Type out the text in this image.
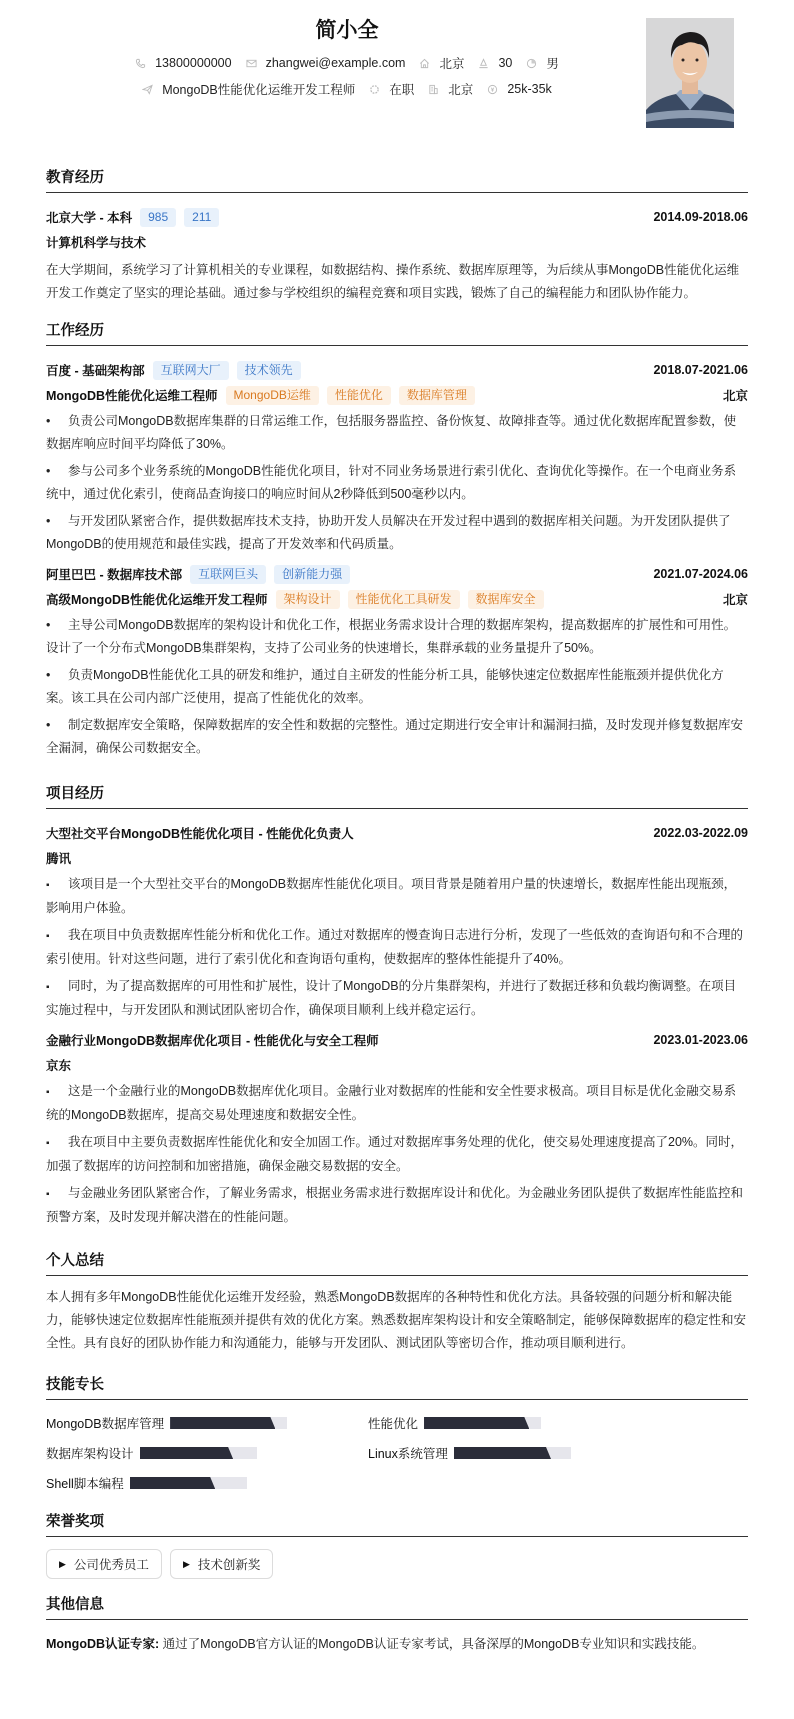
简小全
13800000000	zhangwei@example.com	北京	30	男
MongoDB性能优化运维开发工程师	在职	北京	25k-35k
教育经历
北京大学 - 本科	985	211	2014.09-2018.06
计算机科学与技术
在大学期间，系统学习了计算机相关的专业课程，如数据结构、操作系统、数据库原理等，为后续从事MongoDB性能优化运维开发工作奠定了坚实的理论基础。通过参与学校组织的编程竞赛和项目实践，锻炼了自己的编程能力和团队协作能力。
工作经历
百度 - 基础架构部	互联网大厂	技术领先	2018.07-2021.06
MongoDB性能优化运维工程师	MongoDB运维	性能优化	数据库管理	北京
•负责公司MongoDB数据库集群的日常运维工作，包括服务器监控、备份恢复、故障排查等。通过优化数据库配置参数，使数据库响应时间平均降低了30%。
•参与公司多个业务系统的MongoDB性能优化项目，针对不同业务场景进行索引优化、查询优化等操作。在一个电商业务系统中，通过优化索引，使商品查询接口的响应时间从2秒降低到500毫秒以内。
•与开发团队紧密合作，提供数据库技术支持，协助开发人员解决在开发过程中遇到的数据库相关问题。为开发团队提供了MongoDB的使用规范和最佳实践，提高了开发效率和代码质量。
阿里巴巴 - 数据库技术部	互联网巨头	创新能力强	2021.07-2024.06
高级MongoDB性能优化运维开发工程师	架构设计	性能优化工具研发	数据库安全	北京
•主导公司MongoDB数据库的架构设计和优化工作，根据业务需求设计合理的数据库架构，提高数据库的扩展性和可用性。设计了一个分布式MongoDB集群架构，支持了公司业务的快速增长，集群承载的业务量提升了50%。
•负责MongoDB性能优化工具的研发和维护，通过自主研发的性能分析工具，能够快速定位数据库性能瓶颈并提供优化方案。该工具在公司内部广泛使用，提高了性能优化的效率。
•制定数据库安全策略，保障数据库的安全性和数据的完整性。通过定期进行安全审计和漏洞扫描，及时发现并修复数据库安全漏洞，确保公司数据安全。
项目经历
大型社交平台MongoDB性能优化项目 - 性能优化负责人	2022.03-2022.09
腾讯
▪该项目是一个大型社交平台的MongoDB数据库性能优化项目。项目背景是随着用户量的快速增长，数据库性能出现瓶颈，影响用户体验。
▪我在项目中负责数据库性能分析和优化工作。通过对数据库的慢查询日志进行分析，发现了一些低效的查询语句和不合理的索引使用。针对这些问题，进行了索引优化和查询语句重构，使数据库的整体性能提升了40%。
▪同时，为了提高数据库的可用性和扩展性，设计了MongoDB的分片集群架构，并进行了数据迁移和负载均衡调整。在项目实施过程中，与开发团队和测试团队密切合作，确保项目顺利上线并稳定运行。
金融行业MongoDB数据库优化项目 - 性能优化与安全工程师	2023.01-2023.06
京东
▪这是一个金融行业的MongoDB数据库优化项目。金融行业对数据库的性能和安全性要求极高。项目目标是优化金融交易系统的MongoDB数据库，提高交易处理速度和数据安全性。
▪我在项目中主要负责数据库性能优化和安全加固工作。通过对数据库事务处理的优化，使交易处理速度提高了20%。同时，加强了数据库的访问控制和加密措施，确保金融交易数据的安全。
▪与金融业务团队紧密合作，了解业务需求，根据业务需求进行数据库设计和优化。为金融业务团队提供了数据库性能监控和预警方案，及时发现并解决潜在的性能问题。
个人总结
本人拥有多年MongoDB性能优化运维开发经验，熟悉MongoDB数据库的各种特性和优化方法。具备较强的问题分析和解决能力，能够快速定位数据库性能瓶颈并提供有效的优化方案。熟悉数据库架构设计和安全策略制定，能够保障数据库的稳定性和安全性。具有良好的团队协作能力和沟通能力，能够与开发团队、测试团队等密切合作，推动项目顺利进行。
技能专长
MongoDB数据库管理	性能优化
数据库架构设计	Linux系统管理
Shell脚本编程
荣誉奖项
▶ 公司优秀员工	▶ 技术创新奖
其他信息
MongoDB认证专家: 通过了MongoDB官方认证的MongoDB认证专家考试，具备深厚的MongoDB专业知识和实践技能。
